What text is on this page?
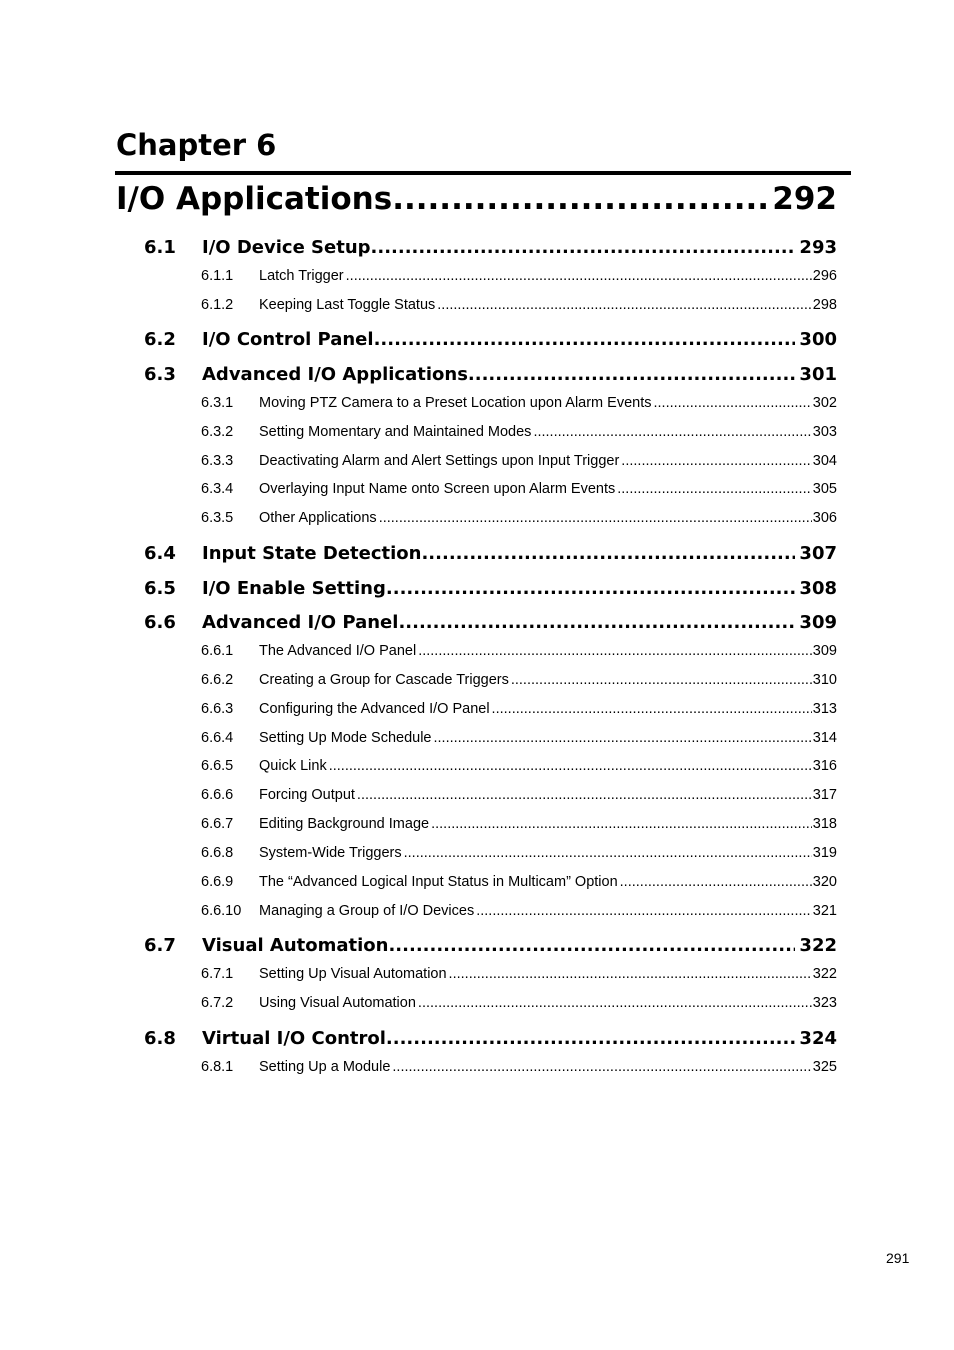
Chapter 6
I/O Applications .....	292
6.1	I/O Device Setup .....	293
6.1.1	Latch Trigger .....	296
6.1.2	Keeping Last Toggle Status .....	298
6.2	I/O Control Panel .....	300
6.3	Advanced I/O Applications .....	301
6.3.1	Moving PTZ Camera to a Preset Location upon Alarm Events .....	302
6.3.2	Setting Momentary and Maintained Modes .....	303
6.3.3	Deactivating Alarm and Alert Settings upon Input Trigger .....	304
6.3.4	Overlaying Input Name onto Screen upon Alarm Events .....	305
6.3.5	Other Applications .....	306
6.4	Input State Detection .....	307
6.5	I/O Enable Setting .....	308
6.6	Advanced I/O Panel .....	309
6.6.1	The Advanced I/O Panel .....	309
6.6.2	Creating a Group for Cascade Triggers .....	310
6.6.3	Configuring the Advanced I/O Panel .....	313
6.6.4	Setting Up Mode Schedule .....	314
6.6.5	Quick Link .....	316
6.6.6	Forcing Output .....	317
6.6.7	Editing Background Image .....	318
6.6.8	System-Wide Triggers .....	319
6.6.9	The “Advanced Logical Input Status in Multicam” Option .....	320
6.6.10	Managing a Group of I/O Devices .....	321
6.7	Visual Automation .....	322
6.7.1	Setting Up Visual Automation .....	322
6.7.2	Using Visual Automation .....	323
6.8	Virtual I/O Control .....	324
6.8.1	Setting Up a Module .....	325
291
